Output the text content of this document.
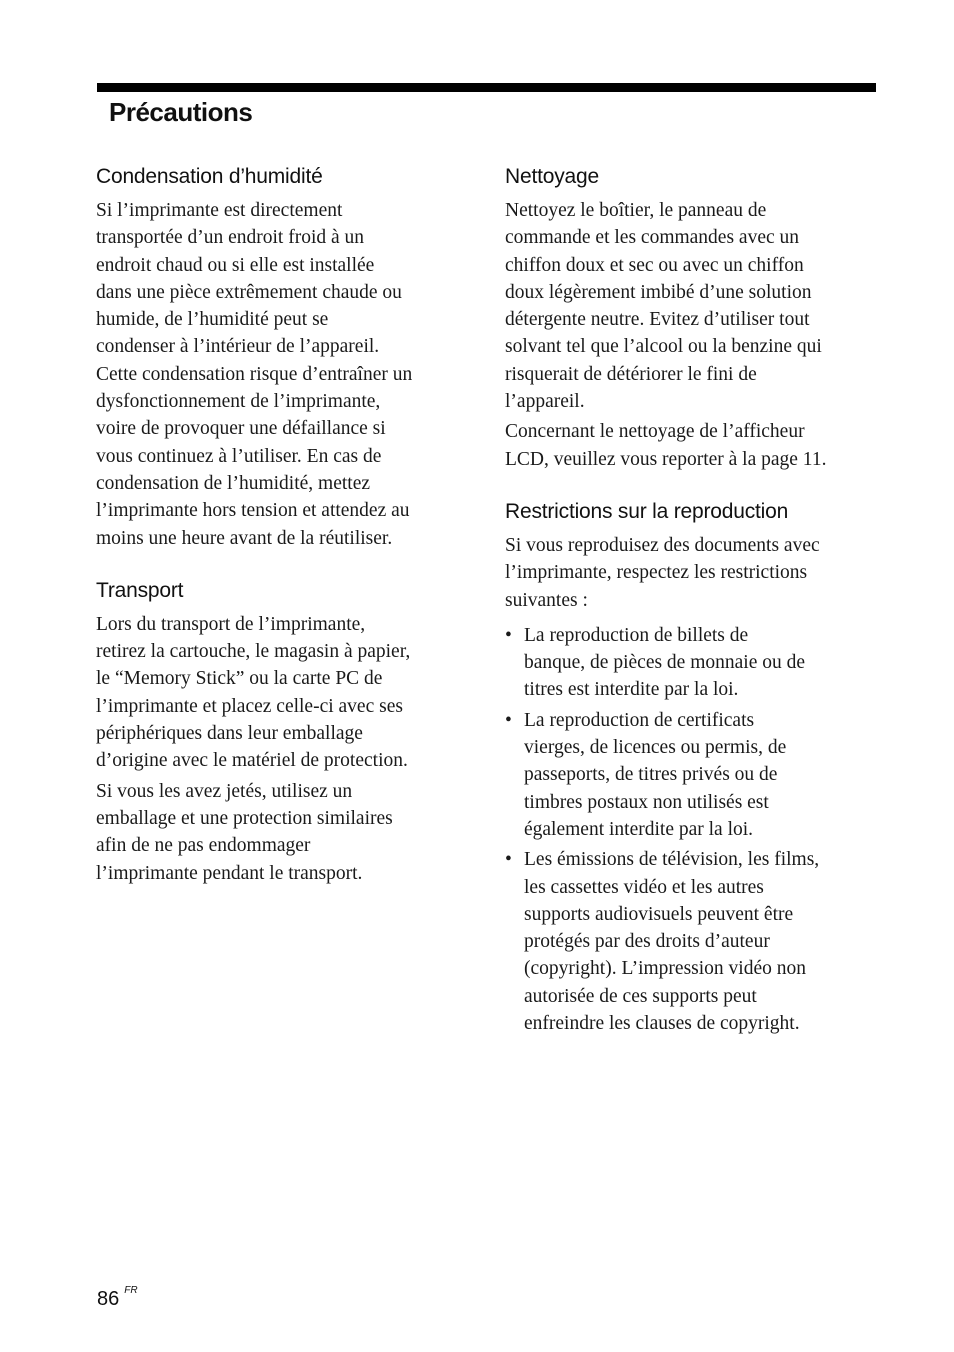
Précautions
Condensation d’humidité

Si l’imprimante est directement
transportée d’un endroit froid à un
endroit chaud ou si elle est installée
dans une pièce extrêmement chaude ou
humide, de l’humidité peut se
condenser à l’intérieur de l’appareil.
Cette condensation risque d’entraîner un
dysfonctionnement de l’imprimante,
voire de provoquer une défaillance si
vous continuez à l’utiliser. En cas de
condensation de l’humidité, mettez
l’imprimante hors tension et attendez au
moins une heure avant de la réutiliser.

Transport

Lors du transport de l’imprimante,
retirez la cartouche, le magasin à papier,
le “Memory Stick” ou la carte PC de
l’imprimante et placez celle-ci avec ses
périphériques dans leur emballage
d’origine avec le matériel de protection.

Si vous les avez jetés, utilisez un
emballage et une protection similaires
afin de ne pas endommager
l’imprimante pendant le transport.

Nettoyage

Nettoyez le boîtier, le panneau de
commande et les commandes avec un
chiffon doux et sec ou avec un chiffon
doux légèrement imbibé d’une solution
détergente neutre. Evitez d’utiliser tout
solvant tel que l’alcool ou la benzine qui
risquerait de détériorer le fini de
l’appareil.

Concernant le nettoyage de l’afficheur
LCD, veuillez vous reporter à la page 11.

Restrictions sur la reproduction

Si vous reproduisez des documents avec
l’imprimante, respectez les restrictions
suivantes :

• La reproduction de billets de
banque, de pièces de monnaie ou de
titres est interdite par la loi.
• La reproduction de certificats
vierges, de licences ou permis, de
passeports, de titres privés ou de
timbres postaux non utilisés est
également interdite par la loi.
• Les émissions de télévision, les films,
les cassettes vidéo et les autres
supports audiovisuels peuvent être
protégés par des droits d’auteur
(copyright). L’impression vidéo non
autorisée de ces supports peut
enfreindre les clauses de copyright.
86 $^{FR}$
